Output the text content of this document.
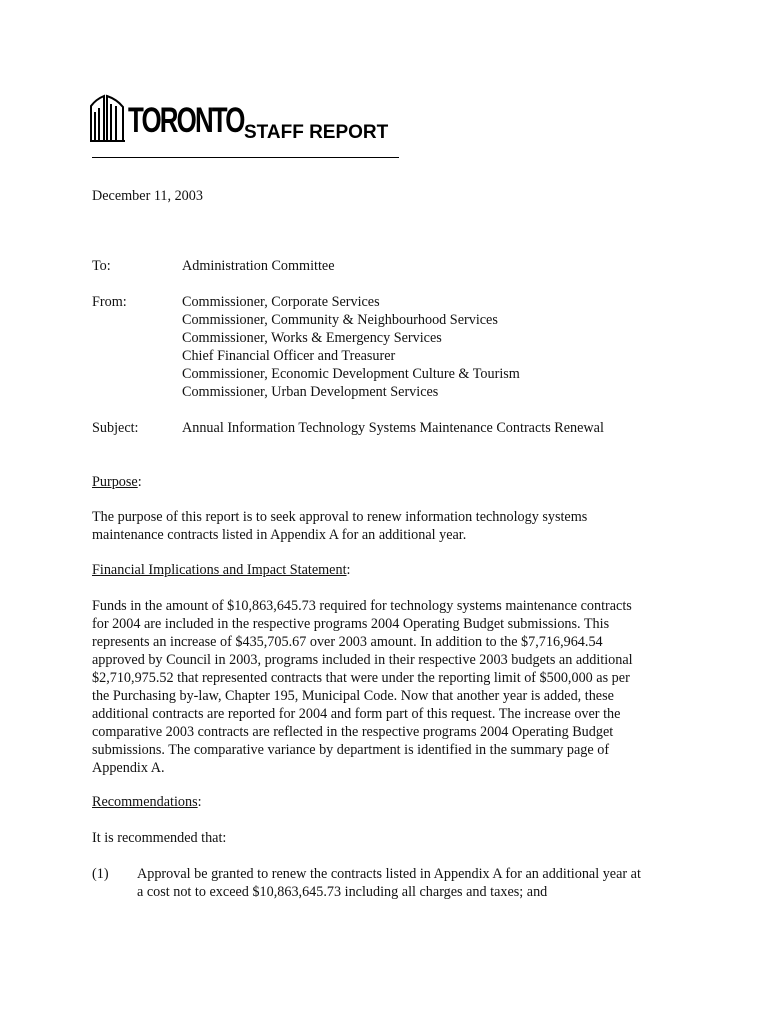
TORONTO STAFF REPORT
December 11, 2003
To:	Administration Committee
From:	Commissioner, Corporate Services
Commissioner, Community & Neighbourhood Services
Commissioner, Works & Emergency Services
Chief Financial Officer and Treasurer
Commissioner, Economic Development Culture & Tourism
Commissioner, Urban Development Services
Subject:	Annual Information Technology Systems Maintenance Contracts Renewal
Purpose:
The purpose of this report is to seek approval to renew information technology systems
maintenance contracts listed in Appendix A for an additional year.
Financial Implications and Impact Statement:
Funds in the amount of $10,863,645.73 required for technology systems maintenance contracts
for 2004 are included in the respective programs 2004 Operating Budget submissions. This
represents an increase of $435,705.67 over 2003 amount. In addition to the $7,716,964.54
approved by Council in 2003, programs included in their respective 2003 budgets an additional
$2,710,975.52 that represented contracts that were under the reporting limit of $500,000 as per
the Purchasing by-law, Chapter 195, Municipal Code. Now that another year is added, these
additional contracts are reported for 2004 and form part of this request. The increase over the
comparative 2003 contracts are reflected in the respective programs 2004 Operating Budget
submissions. The comparative variance by department is identified in the summary page of
Appendix A.
Recommendations:
It is recommended that:
(1) Approval be granted to renew the contracts listed in Appendix A for an additional year at
a cost not to exceed $10,863,645.73 including all charges and taxes; and
